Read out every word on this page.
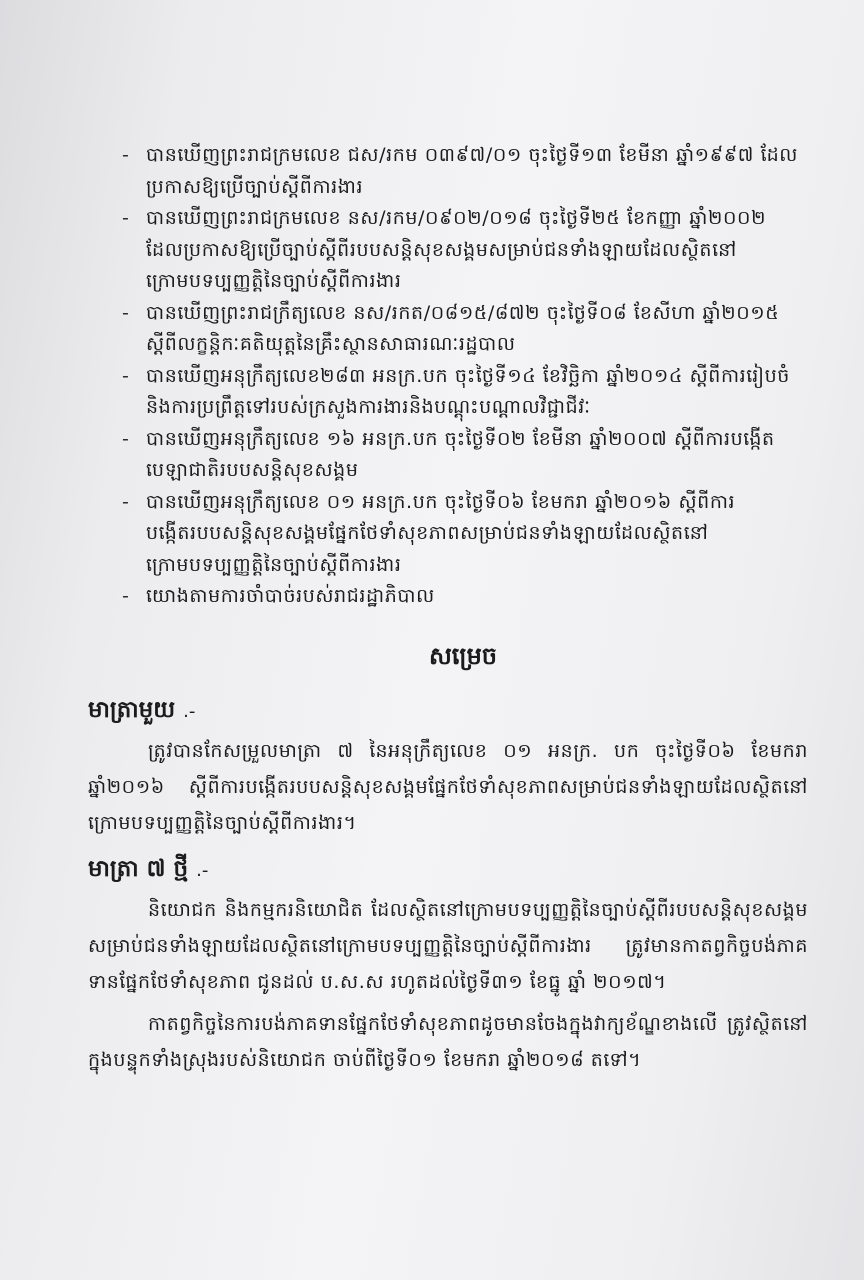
- បានឃើញព្រះរាជក្រមលេខ ជស/រកម ០៣៩៧/០១ ចុះថ្ងៃទី១៣ ខែមីនា ឆ្នាំ១៩៩៧ ដែលប្រកាសឱ្យប្រើច្បាប់ស្តីពីការងារ
- បានឃើញព្រះរាជក្រមលេខ នស/រកម/០៩០២/០១៨ ចុះថ្ងៃទី២៥ ខែកញ្ញា ឆ្នាំ២០០២ ដែលប្រកាសឱ្យប្រើច្បាប់ស្តីពីរបបសន្តិសុខសង្គមសម្រាប់ជនទាំងឡាយដែលស្ថិតនៅក្រោមបទប្បញ្ញត្តិនៃច្បាប់ស្តីពីការងារ
- បានឃើញព្រះរាជក្រឹត្យលេខ នស/រកត/០៨១៥/៨៧២ ចុះថ្ងៃទី០៨ ខែសីហា ឆ្នាំ២០១៥ ស្តីពីលក្ខន្តិកៈគតិយុត្តនៃគ្រឹះស្ថានសាធារណៈរដ្ឋបាល
- បានឃើញអនុក្រឹត្យលេខ២៨៣ អនក្រ.បក ចុះថ្ងៃទី១៤ ខែវិច្ឆិកា ឆ្នាំ២០១៤ ស្តីពីការរៀបចំ និងការប្រព្រឹត្តទៅរបស់ក្រសួងការងារនិងបណ្តុះបណ្តាលវិជ្ជាជីវៈ
- បានឃើញអនុក្រឹត្យលេខ ១៦ អនក្រ.បក ចុះថ្ងៃទី០២ ខែមីនា ឆ្នាំ២០០៧ ស្តីពីការបង្កើតបេឡាជាតិរបបសន្តិសុខសង្គម
- បានឃើញអនុក្រឹត្យលេខ ០១ អនក្រ.បក ចុះថ្ងៃទី០៦ ខែមករា ឆ្នាំ២០១៦ ស្តីពីការបង្កើតរបបសន្តិសុខសង្គមផ្នែកថែទាំសុខភាពសម្រាប់ជនទាំងឡាយដែលស្ថិតនៅក្រោមបទប្បញ្ញត្តិនៃច្បាប់ស្តីពីការងារ
- យោងតាមការចាំបាច់របស់រាជរដ្ឋាភិបាល
សម្រេច
មាត្រាមួយ .-

ត្រូវបានកែសម្រួលមាត្រា ៧ នៃអនុក្រឹត្យលេខ ០១ អនក្រ. បក ចុះថ្ងៃទី០៦ ខែមករា ឆ្នាំ២០១៦ ស្តីពីការបង្កើតរបបសន្តិសុខសង្គមផ្នែកថែទាំសុខភាពសម្រាប់ជនទាំងឡាយដែលស្ថិតនៅក្រោមបទប្បញ្ញត្តិនៃច្បាប់ស្តីពីការងារ។

មាត្រា ៧ ថ្មី .-

និយោជក និងកម្មករនិយោជិត ដែលស្ថិតនៅក្រោមបទប្បញ្ញត្តិនៃច្បាប់ស្តីពីរបបសន្តិសុខសង្គមសម្រាប់ជនទាំងឡាយដែលស្ថិតនៅក្រោមបទប្បញ្ញត្តិនៃច្បាប់ស្តីពីការងារ ត្រូវមានកាតព្វកិច្ចបង់ភាគទានផ្នែកថែទាំសុខភាព ជូនដល់ ប.ស.ស រហូតដល់ថ្ងៃទី៣១ ខែធ្នូ ឆ្នាំ ២០១៧។

កាតព្វកិច្ចនៃការបង់ភាគទានផ្នែកថែទាំសុខភាពដូចមានចែងក្នុងវាក្យខ័ណ្ឌខាងលើ ត្រូវស្ថិតនៅក្នុងបន្ទុកទាំងស្រុងរបស់និយោជក ចាប់ពីថ្ងៃទី០១ ខែមករា ឆ្នាំ២០១៨ តទៅ។
